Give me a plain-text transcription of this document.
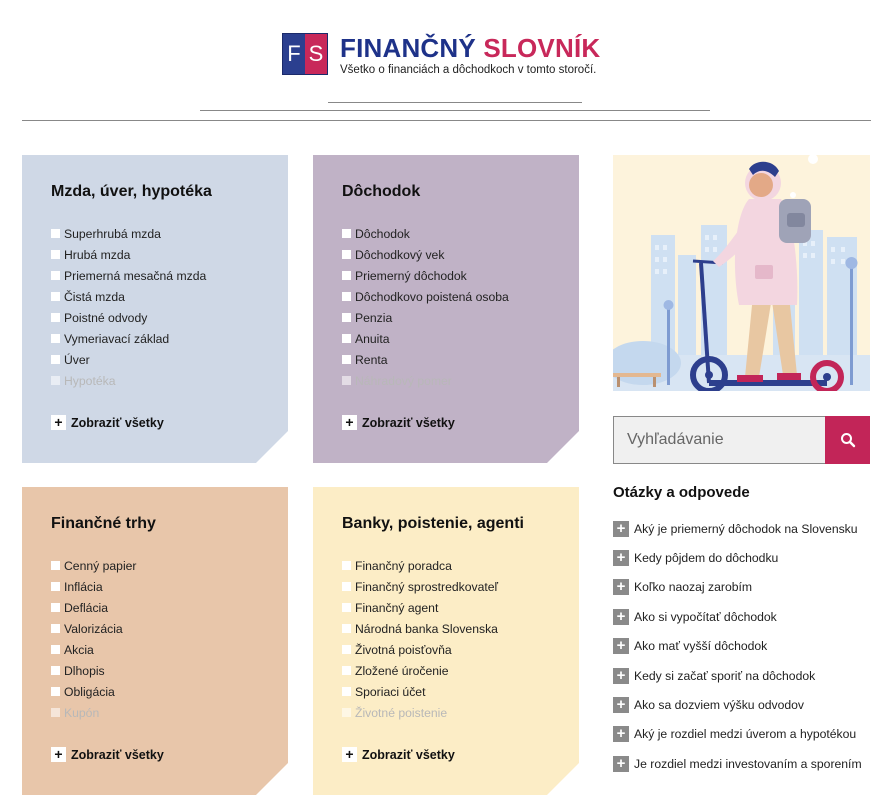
F S FINANČNÝ SLOVNÍK
Všetko o financiách a dôchodkoch v tomto storočí.
Mzda, úver, hypotéka
Superhrubá mzda
Hrubá mzda
Priemerná mesačná mzda
Čistá mzda
Poistné odvody
Vymeriavací základ
Úver
Hypotéka
+ Zobraziť všetky
Dôchodok
Dôchodok
Dôchodkový vek
Priemerný dôchodok
Dôchodkovo poistená osoba
Penzia
Anuita
Renta
Náhradový pomer
+ Zobraziť všetky
Finančné trhy
Cenný papier
Inflácia
Deflácia
Valorizácia
Akcia
Dlhopis
Obligácia
Kupón
+ Zobraziť všetky
Banky, poistenie, agenti
Finančný poradca
Finančný sprostredkovateľ
Finančný agent
Národná banka Slovenska
Životná poisťovňa
Zložené úročenie
Sporiaci účet
Životné poistenie
+ Zobraziť všetky
Vyhľadávanie
Otázky a odpovede
+ Aký je priemerný dôchodok na Slovensku
+ Kedy pôjdem do dôchodku
+ Koľko naozaj zarobím
+ Ako si vypočítať dôchodok
+ Ako mať vyšší dôchodok
+ Kedy si začať sporiť na dôchodok
+ Ako sa dozviem výšku odvodov
+ Aký je rozdiel medzi úverom a hypotékou
+ Je rozdiel medzi investovaním a sporením
